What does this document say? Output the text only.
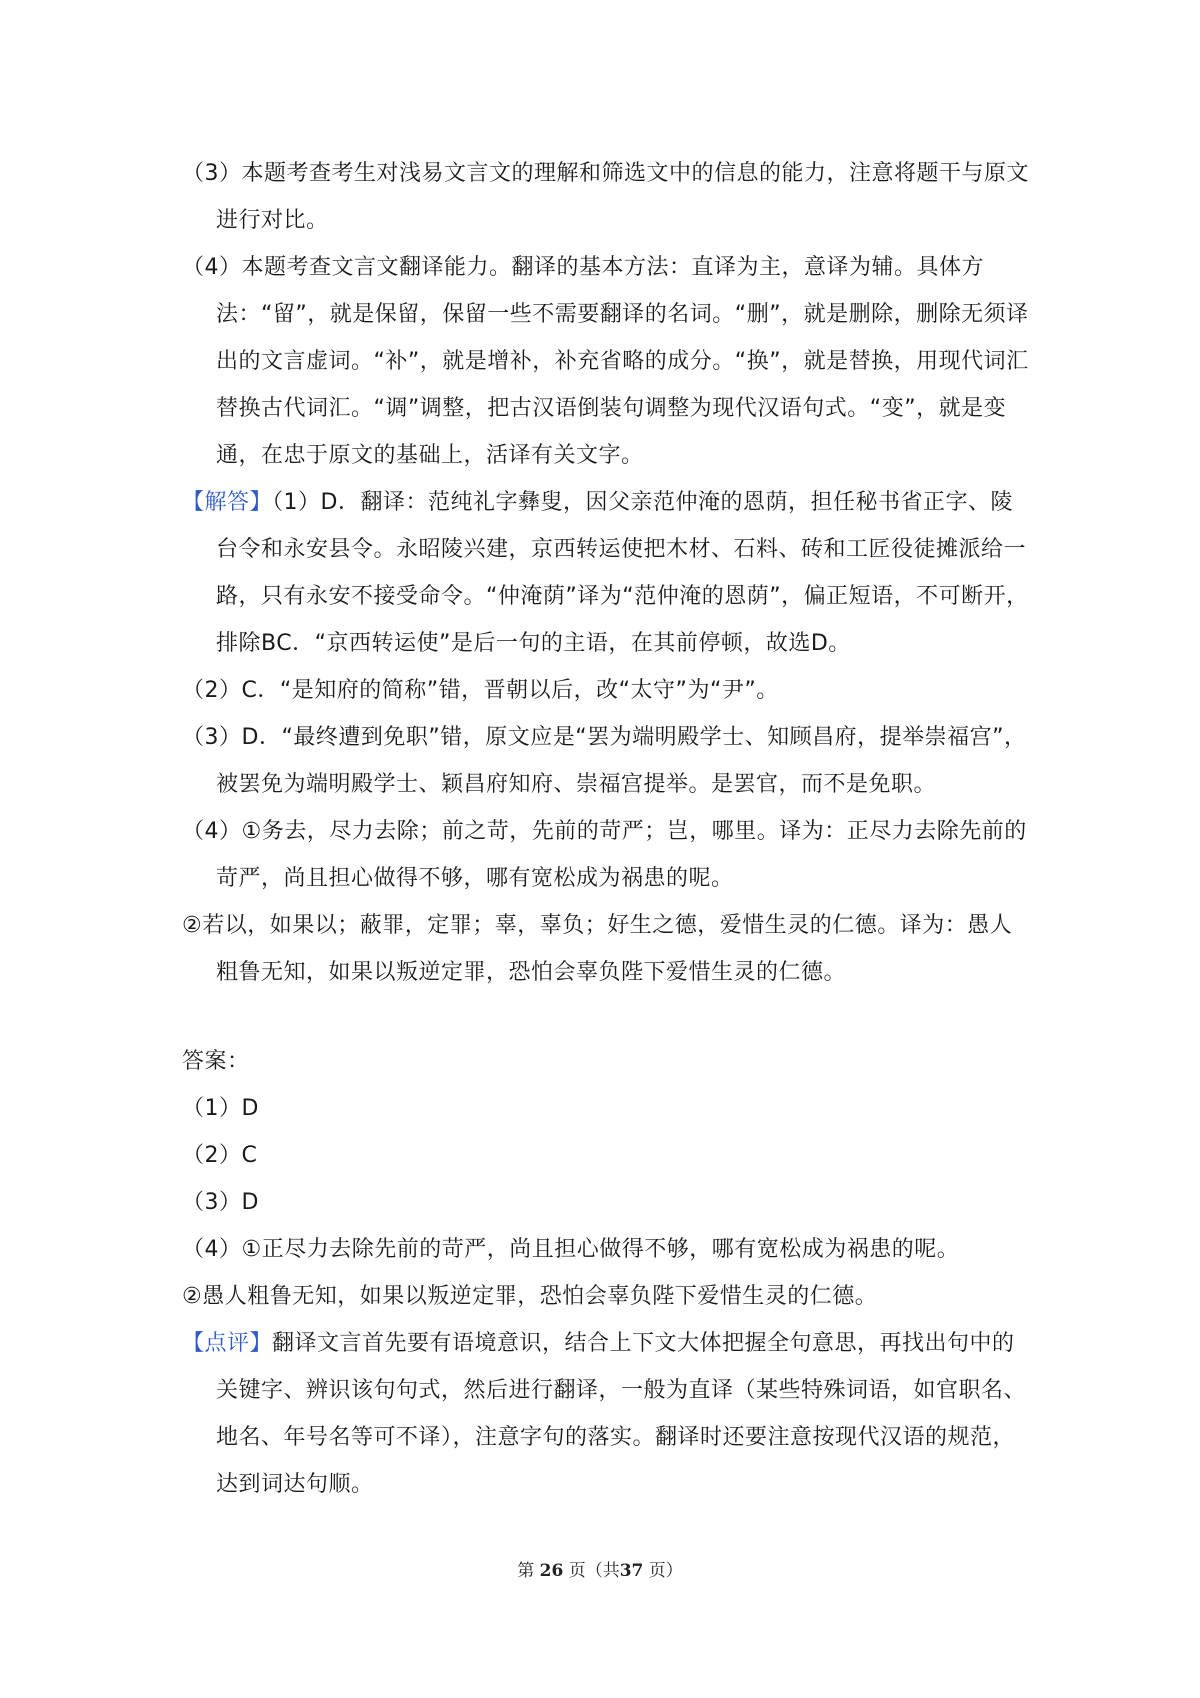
（3）本题考查考生对浅易文言文的理解和筛选文中的信息的能力，注意将题干与原文进行对比。

（4）本题考查文言文翻译能力。翻译的基本方法：直译为主，意译为辅。具体方法：“留”，就是保留，保留一些不需要翻译的名词。“删”，就是删除，删除无须译出的文言虚词。“补”，就是增补，补充省略的成分。“换”，就是替换，用现代词汇替换古代词汇。“调”调整，把古汉语倒装句调整为现代汉语句式。“变”，就是变通，在忠于原文的基础上，活译有关文字。

【解答】（1）D．翻译：范纯礼字彝叟，因父亲范仲淹的恩荫，担任秘书省正字、陵台令和永安县令。永昭陵兴建，京西转运使把木材、石料、砖和工匠役徒摊派给一路，只有永安不接受命令。“仲淹荫”译为“范仲淹的恩荫”，偏正短语，不可断开，排除BC．“京西转运使”是后一句的主语，在其前停顿，故选D。

（2）C．“是知府的简称”错，晋朝以后，改“太守”为“尹”。

（3）D．“最终遭到免职”错，原文应是“罢为端明殿学士、知顾昌府，提举崇福宫”，被罢免为端明殿学士、颖昌府知府、崇福宫提举。是罢官，而不是免职。

（4）①务去，尽力去除；前之苛，先前的苛严；岂，哪里。译为：正尽力去除先前的苛严，尚且担心做得不够，哪有宽松成为祸患的呢。

②若以，如果以；蔽罪，定罪；辜，辜负；好生之德，爱惜生灵的仁德。译为：愚人粗鲁无知，如果以叛逆定罪，恐怕会辜负陛下爱惜生灵的仁德。

答案：

（1）D

（2）C

（3）D

（4）①正尽力去除先前的苛严，尚且担心做得不够，哪有宽松成为祸患的呢。

②愚人粗鲁无知，如果以叛逆定罪，恐怕会辜负陛下爱惜生灵的仁德。

【点评】翻译文言首先要有语境意识，结合上下文大体把握全句意思，再找出句中的关键字、辨识该句句式，然后进行翻译，一般为直译（某些特殊词语，如官职名、地名、年号名等可不译），注意字句的落实。翻译时还要注意按现代汉语的规范，达到词达句顺。

第 26 页（共37 页）
